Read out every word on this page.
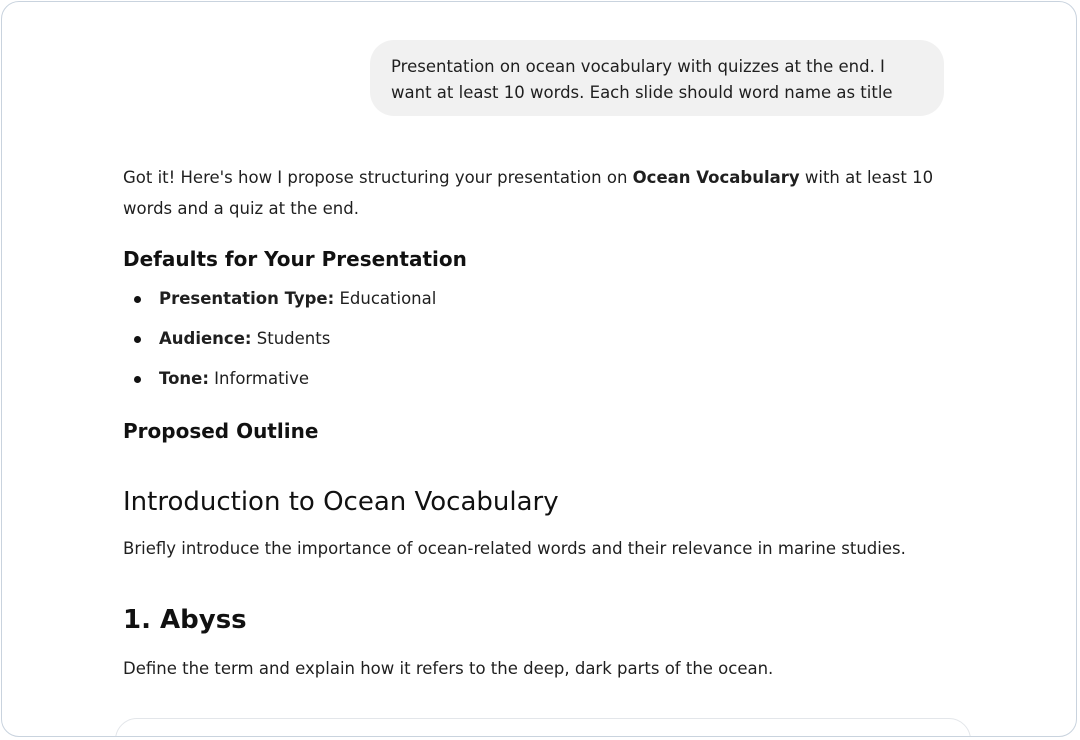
Presentation on ocean vocabulary with quizzes at the end. I want at least 10 words. Each slide should word name as title

Got it! Here's how I propose structuring your presentation on Ocean Vocabulary with at least 10 words and a quiz at the end.

Defaults for Your Presentation
Presentation Type: Educational
Audience: Students
Tone: Informative
Proposed Outline
Introduction to Ocean Vocabulary

Briefly introduce the importance of ocean-related words and their relevance in marine studies.

1. Abyss

Define the term and explain how it refers to the deep, dark parts of the ocean.
